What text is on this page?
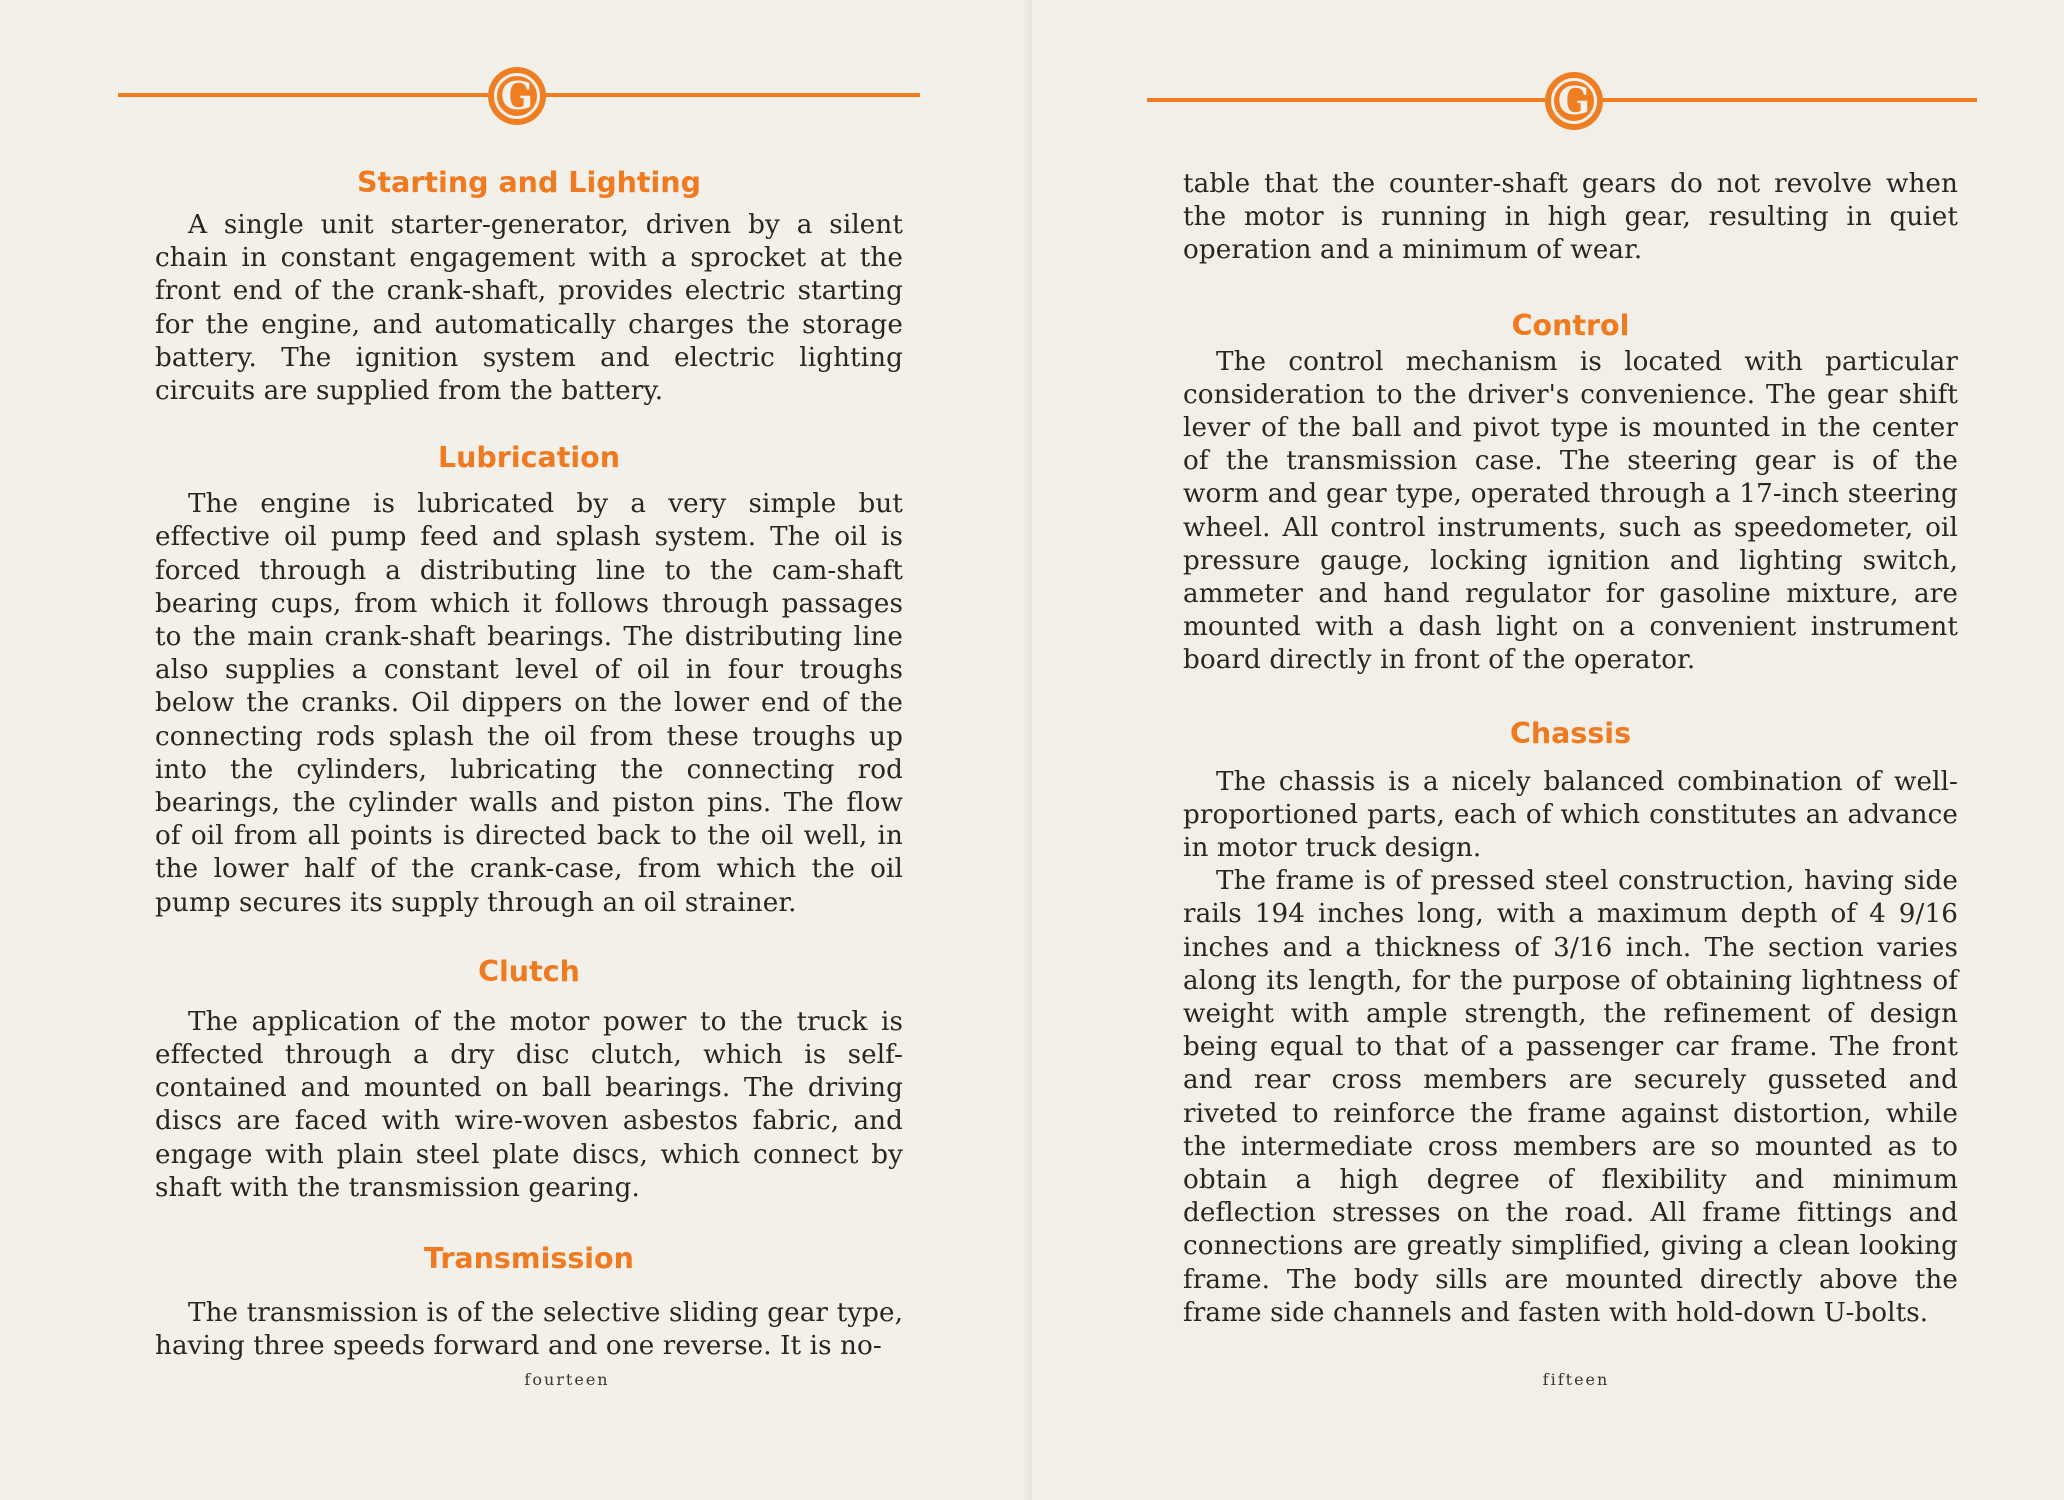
G
Starting and Lighting

A single unit starter-generator, driven by a silent chain in constant engagement with a sprocket at the front end of the crank-shaft, provides electric starting for the engine, and automatically charges the storage battery. The ignition system and electric lighting circuits are supplied from the battery.

Lubrication

The engine is lubricated by a very simple but effective oil pump feed and splash system. The oil is forced through a distributing line to the cam-shaft bearing cups, from which it follows through passages to the main crank-shaft bearings. The distributing line also supplies a constant level of oil in four troughs below the cranks. Oil dippers on the lower end of the connecting rods splash the oil from these troughs up into the cylinders, lubricating the connecting rod bearings, the cylinder walls and piston pins. The flow of oil from all points is directed back to the oil well, in the lower half of the crank-case, from which the oil pump secures its supply through an oil strainer.

Clutch

The application of the motor power to the truck is effected through a dry disc clutch, which is self-contained and mounted on ball bearings. The driving discs are faced with wire-woven asbestos fabric, and engage with plain steel plate discs, which connect by shaft with the transmission gearing.

Transmission

The transmission is of the selective sliding gear type, having three speeds forward and one reverse. It is no-

fourteen
G

table that the counter-shaft gears do not revolve when the motor is running in high gear, resulting in quiet operation and a minimum of wear.

Control

The control mechanism is located with particular consideration to the driver's convenience. The gear shift lever of the ball and pivot type is mounted in the center of the transmission case. The steering gear is of the worm and gear type, operated through a 17-inch steering wheel. All control instruments, such as speedometer, oil pressure gauge, locking ignition and lighting switch, ammeter and hand regulator for gasoline mixture, are mounted with a dash light on a convenient instrument board directly in front of the operator.

Chassis

The chassis is a nicely balanced combination of well-proportioned parts, each of which constitutes an advance in motor truck design.

The frame is of pressed steel construction, having side rails 194 inches long, with a maximum depth of 4 9/16 inches and a thickness of 3/16 inch. The section varies along its length, for the purpose of obtaining lightness of weight with ample strength, the refinement of design being equal to that of a passenger car frame. The front and rear cross members are securely gusseted and riveted to reinforce the frame against distortion, while the intermediate cross members are so mounted as to obtain a high degree of flexibility and minimum deflection stresses on the road. All frame fittings and connections are greatly simplified, giving a clean looking frame. The body sills are mounted directly above the frame side channels and fasten with hold-down U-bolts.

fifteen
